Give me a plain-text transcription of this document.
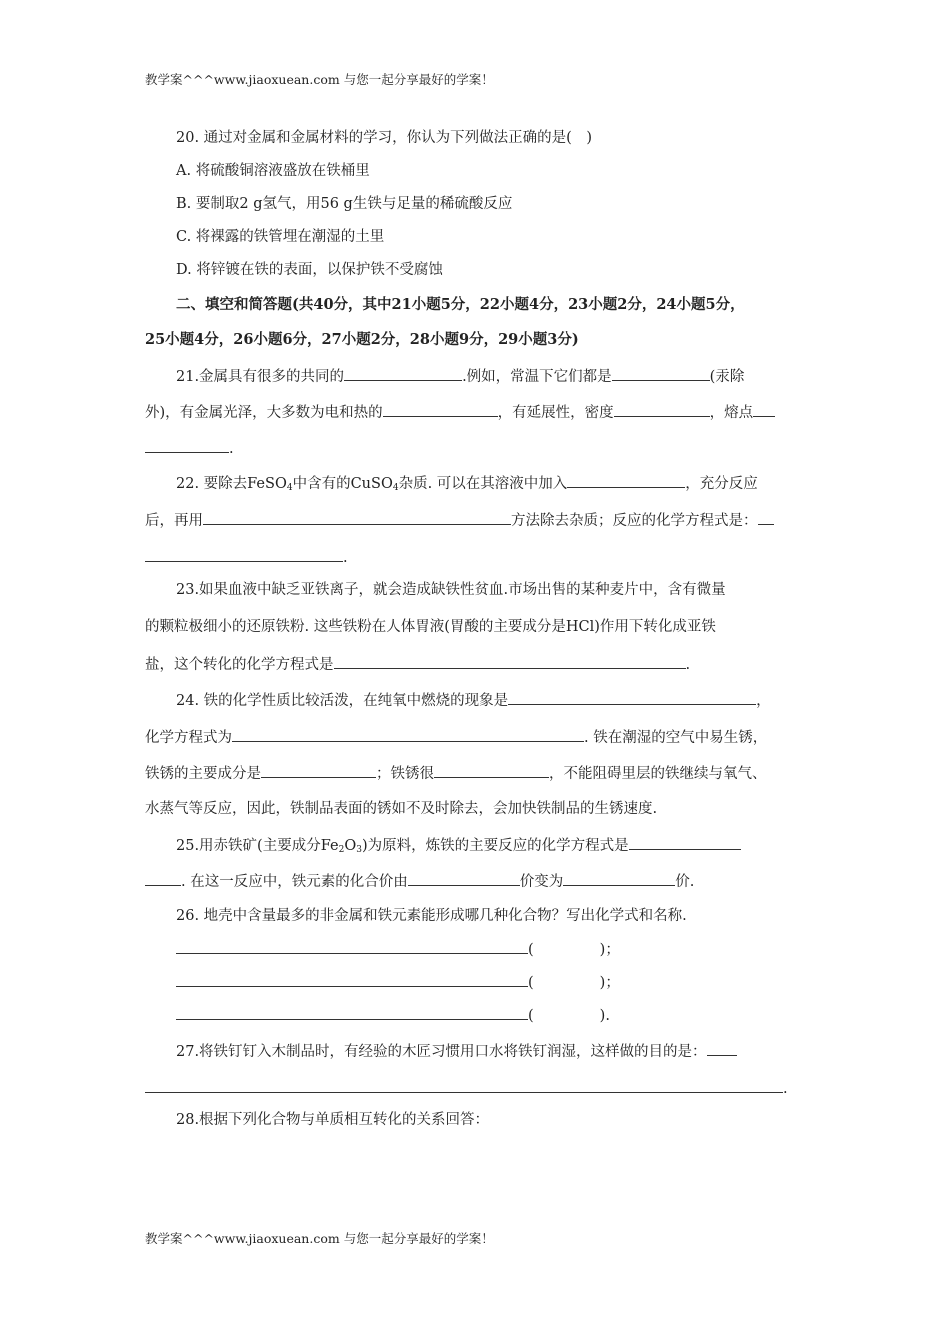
教学案^^^www.jiaoxuean.com 与您一起分享最好的学案！
20. 通过对金属和金属材料的学习，你认为下列做法正确的是(　)
A. 将硫酸铜溶液盛放在铁桶里
B. 要制取2 g氢气，用56 g生铁与足量的稀硫酸反应
C. 将裸露的铁管埋在潮湿的土里
D. 将锌镀在铁的表面，以保护铁不受腐蚀
二、填空和简答题(共40分，其中21小题5分，22小题4分，23小题2分，24小题5分，
25小题4分，26小题6分，27小题2分，28小题9分，29小题3分)
21.金属具有很多的共同的	.例如，常温下它们都是	(汞除
外)，有金属光泽，大多数为电和热的	，有延展性，密度	，熔点
.
22. 要除去FeSO$_4$中含有的CuSO$_4$杂质. 可以在其溶液中加入	，充分反应
后，再用	方法除去杂质；反应的化学方程式是：
.
23.如果血液中缺乏亚铁离子，就会造成缺铁性贫血.市场出售的某种麦片中，含有微量
的颗粒极细小的还原铁粉. 这些铁粉在人体胃液(胃酸的主要成分是HCl)作用下转化成亚铁
盐，这个转化的化学方程式是	.
24. 铁的化学性质比较活泼，在纯氧中燃烧的现象是	，
化学方程式为	. 铁在潮湿的空气中易生锈，
铁锈的主要成分是	；铁锈很	，不能阻碍里层的铁继续与氧气、
水蒸气等反应，因此，铁制品表面的锈如不及时除去，会加快铁制品的生锈速度.
25.用赤铁矿(主要成分$Fe_2O_3$)为原料，炼铁的主要反应的化学方程式是
. 在这一反应中，铁元素的化合价由	价变为	价.
26. 地壳中含量最多的非金属和铁元素能形成哪几种化合物？写出化学式和名称.
(	)；
(	)；
(	).
27.将铁钉钉入木制品时，有经验的木匠习惯用口水将铁钉润湿，这样做的目的是：
.
28.根据下列化合物与单质相互转化的关系回答：
教学案^^^www.jiaoxuean.com 与您一起分享最好的学案！
